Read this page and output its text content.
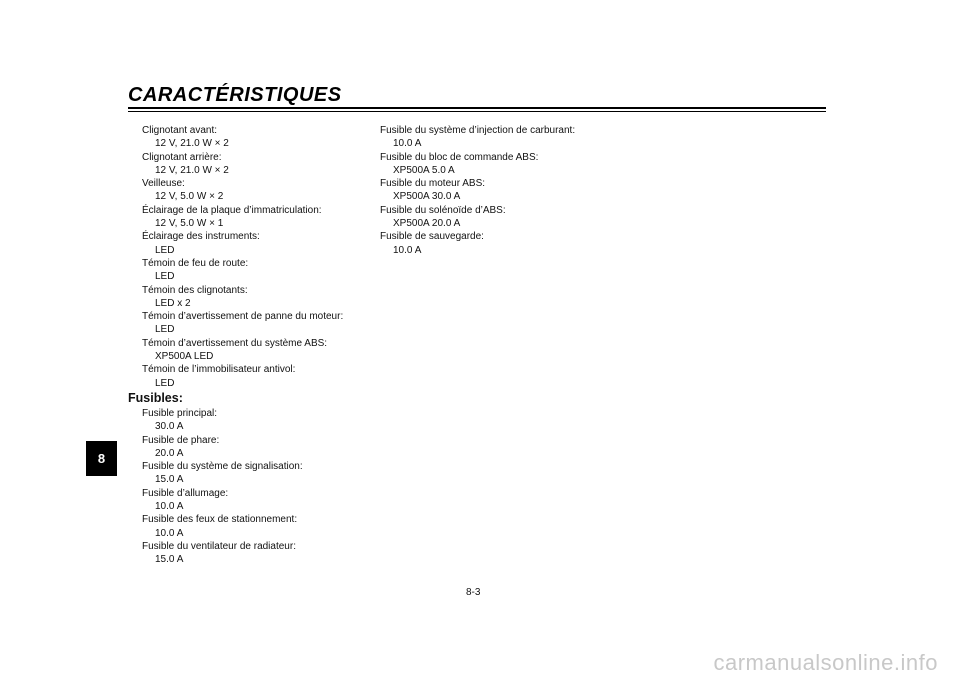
CARACTÉRISTIQUES
8
Clignotant avant:
12 V, 21.0 W × 2
Clignotant arrière:
12 V, 21.0 W × 2
Veilleuse:
12 V, 5.0 W × 2
Éclairage de la plaque d’immatriculation:
12 V, 5.0 W × 1
Éclairage des instruments:
LED
Témoin de feu de route:
LED
Témoin des clignotants:
LED x 2
Témoin d’avertissement de panne du moteur:
LED
Témoin d’avertissement du système ABS:
XP500A LED
Témoin de l’immobilisateur antivol:
LED
Fusibles:
Fusible principal:
30.0 A
Fusible de phare:
20.0 A
Fusible du système de signalisation:
15.0 A
Fusible d’allumage:
10.0 A
Fusible des feux de stationnement:
10.0 A
Fusible du ventilateur de radiateur:
15.0 A
Fusible du système d’injection de carburant:
10.0 A
Fusible du bloc de commande ABS:
XP500A 5.0 A
Fusible du moteur ABS:
XP500A 30.0 A
Fusible du solénoïde d’ABS:
XP500A 20.0 A
Fusible de sauvegarde:
10.0 A
8-3
carmanualsonline.info
